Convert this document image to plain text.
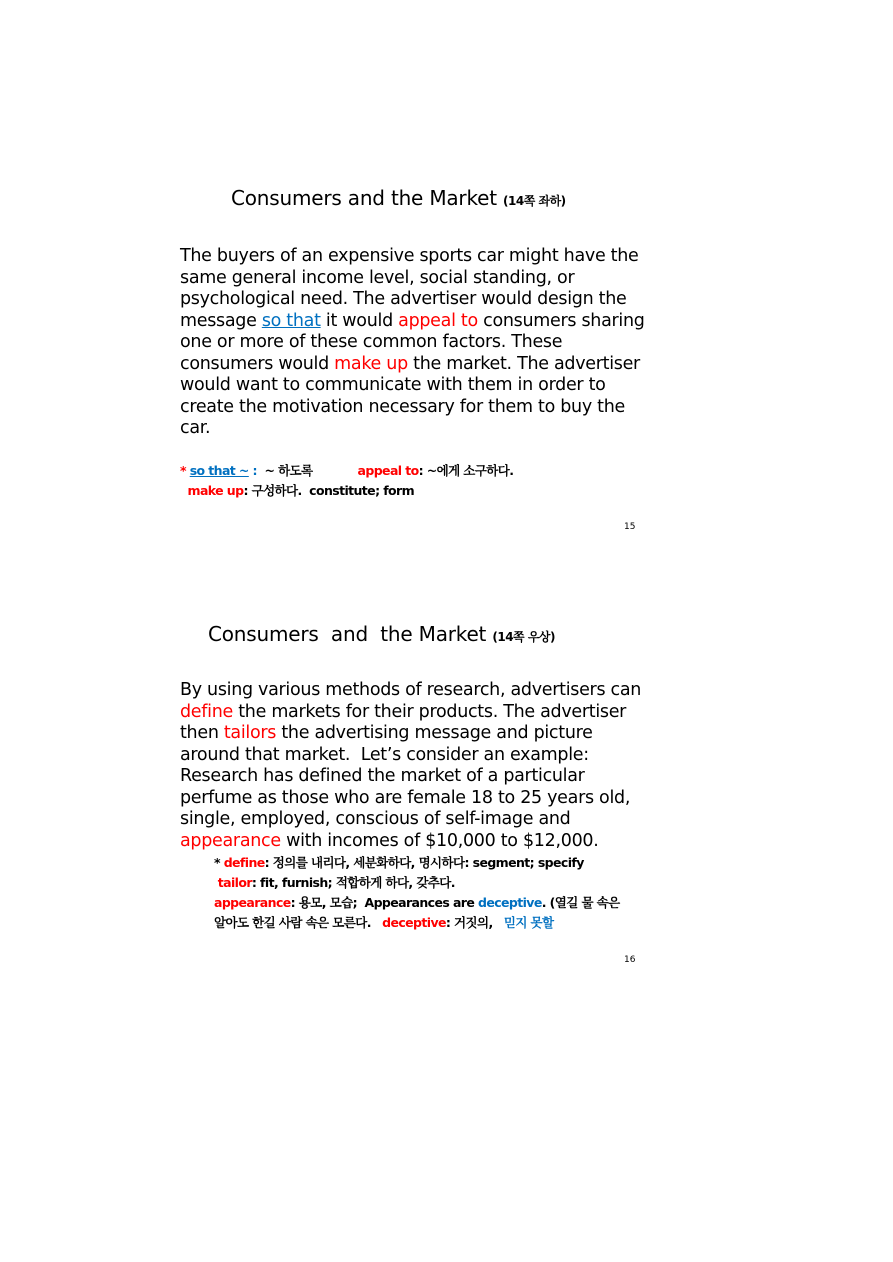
Consumers and the Market (14쪽 좌하)
The buyers of an expensive sports car might have the
same general income level, social standing, or
psychological need. The advertiser would design the
message so that it would appeal to consumers sharing
one or more of these common factors. These
consumers would make up the market. The advertiser
would want to communicate with them in order to
create the motivation necessary for them to buy the
car.
* so that ~ :  ~ 하도록            appeal to: ~에게 소구하다.
make up: 구성하다.  constitute; form
15
Consumers  and  the Market (14쪽 우상)
By using various methods of research, advertisers can
define the markets for their products. The advertiser
then tailors the advertising message and picture
around that market.  Let’s consider an example:
Research has defined the market of a particular
perfume as those who are female 18 to 25 years old,
single, employed, conscious of self-image and
appearance with incomes of $10,000 to $12,000.
* define: 정의를 내리다, 세분화하다, 명시하다: segment; specify
tailor: fit, furnish; 적합하게 하다, 갖추다.
appearance: 용모, 모습;  Appearances are deceptive. (열길 물 속은
알아도 한길 사람 속은 모른다.   deceptive: 거짓의,   믿지 못할
16
